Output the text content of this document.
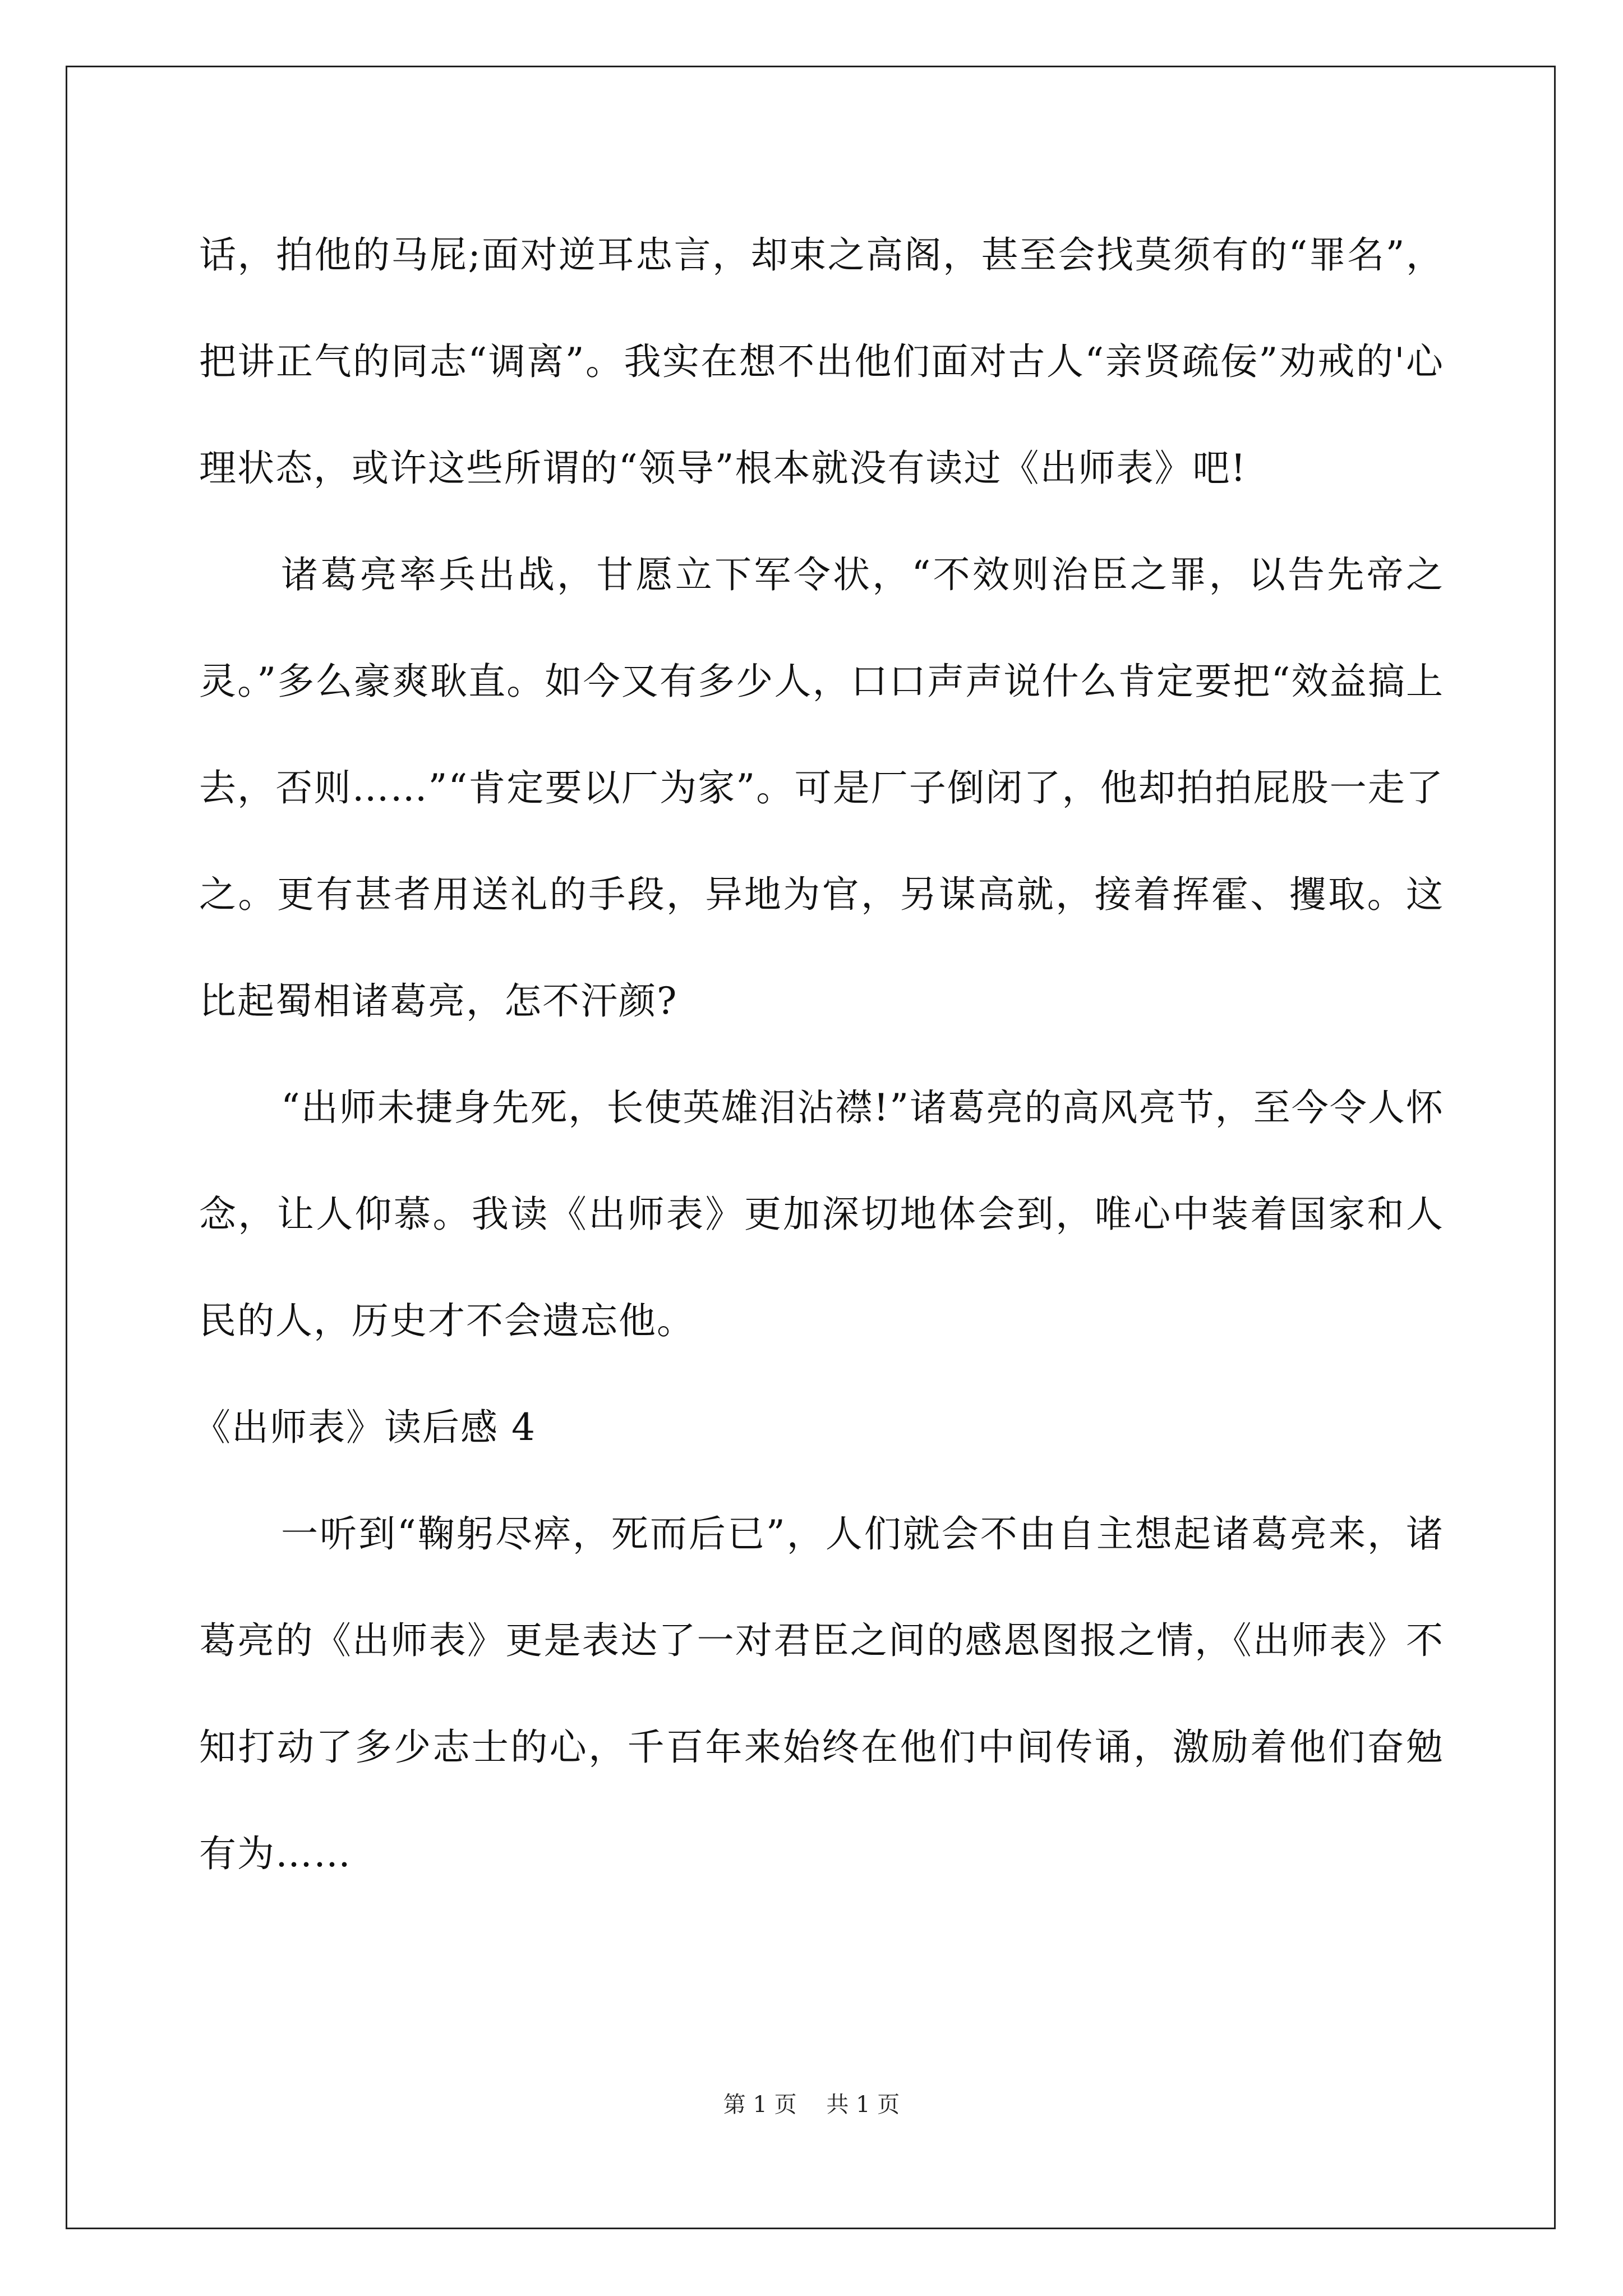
话，拍他的马屁;面对逆耳忠言，却束之高阁，甚至会找莫须有的“罪名”，把讲正气的同志“调离”。我实在想不出他们面对古人“亲贤疏佞”劝戒的'心理状态，或许这些所谓的“领导”根本就没有读过《出师表》吧!

诸葛亮率兵出战，甘愿立下军令状，“不效则治臣之罪，以告先帝之灵。”多么豪爽耿直。如今又有多少人，口口声声说什么肯定要把“效益搞上去，否则……”“肯定要以厂为家”。可是厂子倒闭了，他却拍拍屁股一走了之。更有甚者用送礼的手段，异地为官，另谋高就，接着挥霍、攫取。这比起蜀相诸葛亮，怎不汗颜?

“出师未捷身先死，长使英雄泪沾襟!”诸葛亮的高风亮节，至今令人怀念，让人仰慕。我读《出师表》更加深切地体会到，唯心中装着国家和人民的人，历史才不会遗忘他。

《出师表》读后感 4

一听到“鞠躬尽瘁，死而后已”，人们就会不由自主想起诸葛亮来，诸葛亮的《出师表》更是表达了一对君臣之间的感恩图报之情，《出师表》不知打动了多少志士的心，千百年来始终在他们中间传诵，激励着他们奋勉有为……

第 1 页 共 1 页
